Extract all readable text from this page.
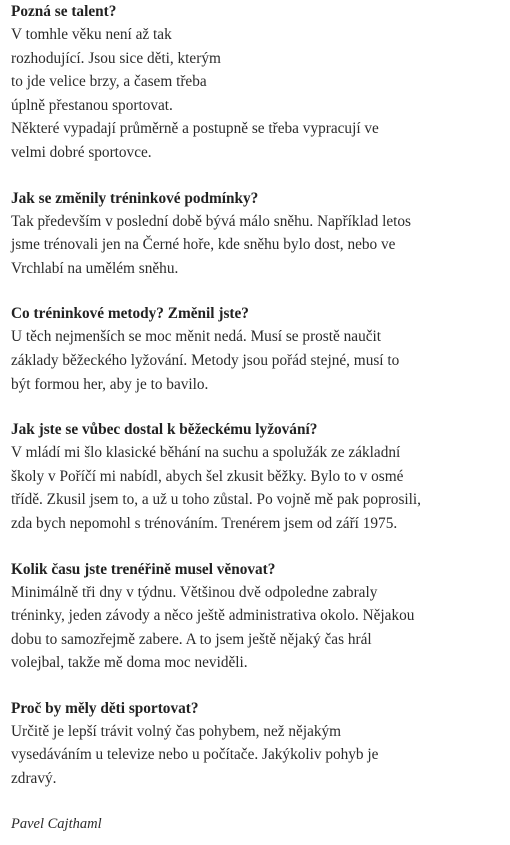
Pozná se talent?

V tomhle věku není až tak
rozhodující. Jsou sice děti, kterým
to jde velice brzy, a časem třeba
úplně přestanou sportovat.
Některé vypadají průměrně a postupně se třeba vypracují ve
velmi dobré sportovce.

Jak se změnily tréninkové podmínky?

Tak především v poslední době bývá málo sněhu. Například letos
jsme trénovali jen na Černé hoře, kde sněhu bylo dost, nebo ve
Vrchlabí na umělém sněhu.

Co tréninkové metody? Změnil jste?

U těch nejmenších se moc měnit nedá. Musí se prostě naučit
základy běžeckého lyžování. Metody jsou pořád stejné, musí to
být formou her, aby je to bavilo.

Jak jste se vůbec dostal k běžeckému lyžování?

V mládí mi šlo klasické běhání na suchu a spolužák ze základní
školy v Poříčí mi nabídl, abych šel zkusit běžky. Bylo to v osmé
třídě. Zkusil jsem to, a už u toho zůstal. Po vojně mě pak poprosili,
zda bych nepomohl s trénováním. Trenérem jsem od září 1975.

Kolik času jste trenéřině musel věnovat?

Minimálně tři dny v týdnu. Většinou dvě odpoledne zabraly
tréninky, jeden závody a něco ještě administrativa okolo. Nějakou
dobu to samozřejmě zabere. A to jsem ještě nějaký čas hrál
volejbal, takže mě doma moc neviděli.

Proč by měly děti sportovat?

Určitě je lepší trávit volný čas pohybem, než nějakým
vysedáváním u televize nebo u počítače. Jakýkoliv pohyb je
zdravý.

Pavel Cajthaml
